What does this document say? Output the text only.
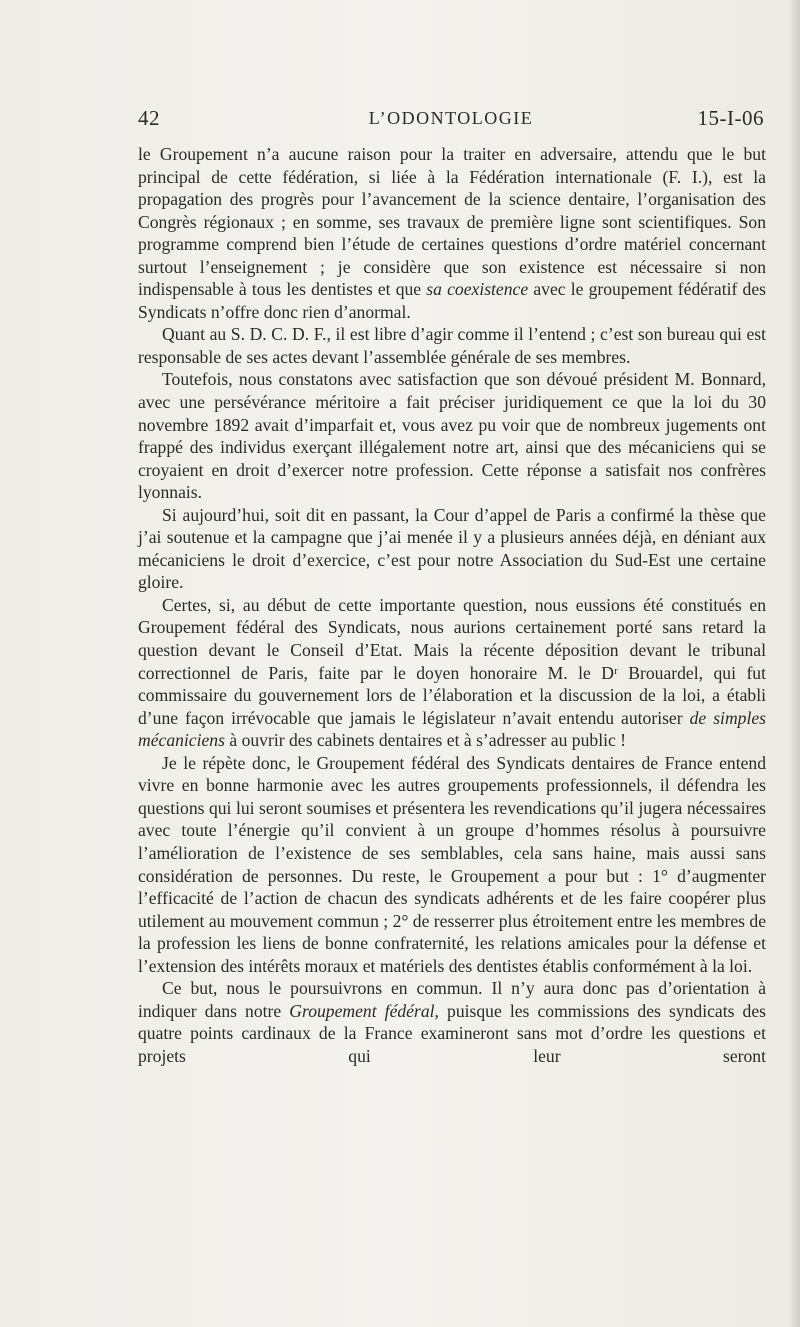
42	L’ODONTOLOGIE	15-I-06

le Groupement n’a aucune raison pour la traiter en adversaire, attendu que le but principal de cette fédération, si liée à la Fédération internationale (F. I.), est la propagation des progrès pour l’avancement de la science dentaire, l’organisation des Congrès régionaux ; en somme, ses travaux de première ligne sont scientifiques. Son programme comprend bien l’étude de certaines questions d’ordre matériel concernant surtout l’enseignement ; je considère que son existence est nécessaire si non indispensable à tous les dentistes et que sa coexistence avec le groupement fédératif des Syndicats n’offre donc rien d’anormal.

Quant au S. D. C. D. F., il est libre d’agir comme il l’entend ; c’est son bureau qui est responsable de ses actes devant l’assemblée générale de ses membres.

Toutefois, nous constatons avec satisfaction que son dévoué président M. Bonnard, avec une persévérance méritoire a fait préciser juridiquement ce que la loi du 30 novembre 1892 avait d’imparfait et, vous avez pu voir que de nombreux jugements ont frappé des individus exerçant illégalement notre art, ainsi que des mécaniciens qui se croyaient en droit d’exercer notre profession. Cette réponse a satisfait nos confrères lyonnais.

Si aujourd’hui, soit dit en passant, la Cour d’appel de Paris a confirmé la thèse que j’ai soutenue et la campagne que j’ai menée il y a plusieurs années déjà, en déniant aux mécaniciens le droit d’exercice, c’est pour notre Association du Sud-Est une certaine gloire.

Certes, si, au début de cette importante question, nous eussions été constitués en Groupement fédéral des Syndicats, nous aurions certainement porté sans retard la question devant le Conseil d’Etat. Mais la récente déposition devant le tribunal correctionnel de Paris, faite par le doyen honoraire M. le Dʳ Brouardel, qui fut commissaire du gouvernement lors de l’élaboration et la discussion de la loi, a établi d’une façon irrévocable que jamais le législateur n’avait entendu autoriser de simples mécaniciens à ouvrir des cabinets dentaires et à s’adresser au public !

Je le répète donc, le Groupement fédéral des Syndicats dentaires de France entend vivre en bonne harmonie avec les autres groupements professionnels, il défendra les questions qui lui seront soumises et présentera les revendications qu’il jugera nécessaires avec toute l’énergie qu’il convient à un groupe d’hommes résolus à poursuivre l’amélioration de l’existence de ses semblables, cela sans haine, mais aussi sans considération de personnes. Du reste, le Groupement a pour but : 1° d’augmenter l’efficacité de l’action de chacun des syndicats adhérents et de les faire coopérer plus utilement au mouvement commun ; 2° de resserrer plus étroitement entre les membres de la profession les liens de bonne confraternité, les relations amicales pour la défense et l’extension des intérêts moraux et matériels des dentistes établis conformément à la loi.

Ce but, nous le poursuivrons en commun. Il n’y aura donc pas d’orientation à indiquer dans notre Groupement fédéral, puisque les commissions des syndicats des quatre points cardinaux de la France examineront sans mot d’ordre les questions et projets qui leur seront
